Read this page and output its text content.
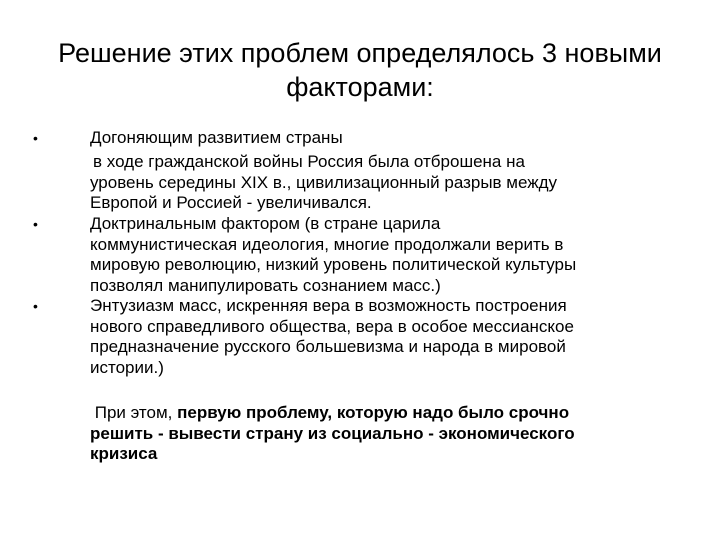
Решение этих проблем определялось 3 новыми
факторами:
•	Догоняющим развитием страны

в ходе гражданской войны Россия была отброшена на

уровень середины XIX в., цивилизационный разрыв между
Европой и Россией - увеличивался.

•	Доктринальным фактором (в стране царила
коммунистическая идеология, многие продолжали верить в
мировую революцию, низкий уровень политической культуры
позволял манипулировать сознанием масс.)

•	Энтузиазм масс, искренняя вера в возможность построения
нового справедливого общества, вера в особое мессианское
предназначение русского большевизма и народа в мировой
истории.)

При этом, первую проблему, которую надо было срочно
решить - вывести страну из социально - экономического
кризиса
